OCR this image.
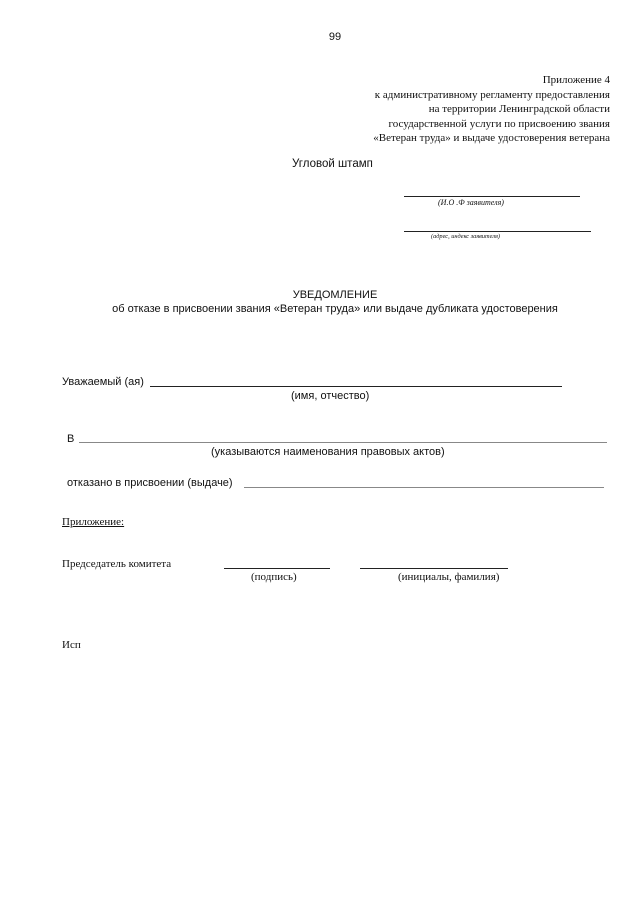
99
Приложение 4
к административному регламенту предоставления
на территории Ленинградской области
государственной услуги по присвоению звания
«Ветеран труда» и выдаче удостоверения ветерана
Угловой штамп
(И.О .Ф заявителя)
(адрес, индекс заявителя)
УВЕДОМЛЕНИЕ
об отказе в присвоении звания «Ветеран труда» или выдаче дубликата удостоверения
Уважаемый (ая)
(имя, отчество)
В
(указываются наименования правовых актов)
отказано в присвоении (выдаче)
Приложение:
Председатель комитета
(подпись)	(инициалы, фамилия)
Исп
